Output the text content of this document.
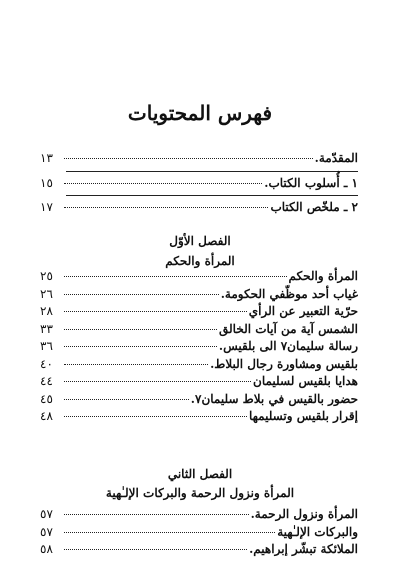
فهرس المحتويات
المقدّمة.
١٣
١ ـ أُسلوب الكتاب.
١٥
٢ ـ ملخّص الكتاب
١٧
الفصل الأوّل
المرأة والحكم
المرأة والحكم
٢٥
غياب أحد موظّفي الحكومة.
٢٦
حرّية التعبير عن الرأي
٢٨
الشمس آية من آيات الخالق
٣٣
رسالة سليمان٧ الى بلقيس.
٣٦
بلقيس ومشاورة رجال البلاط.
٤٠
هدايا بلقيس لسليمان
٤٤
حضور بالقيس في بلاط سليمان٧.
٤٥
إقرار بلقيس وتسليمها
٤٨
الفصل الثاني
المرأة ونزول الرحمة والبركات الإلـٰهية
المرأة ونزول الرحمة.
٥٧
والبركات الإلـٰهية
٥٧
الملائكة تبشّر إبراهيم.
٥٨
